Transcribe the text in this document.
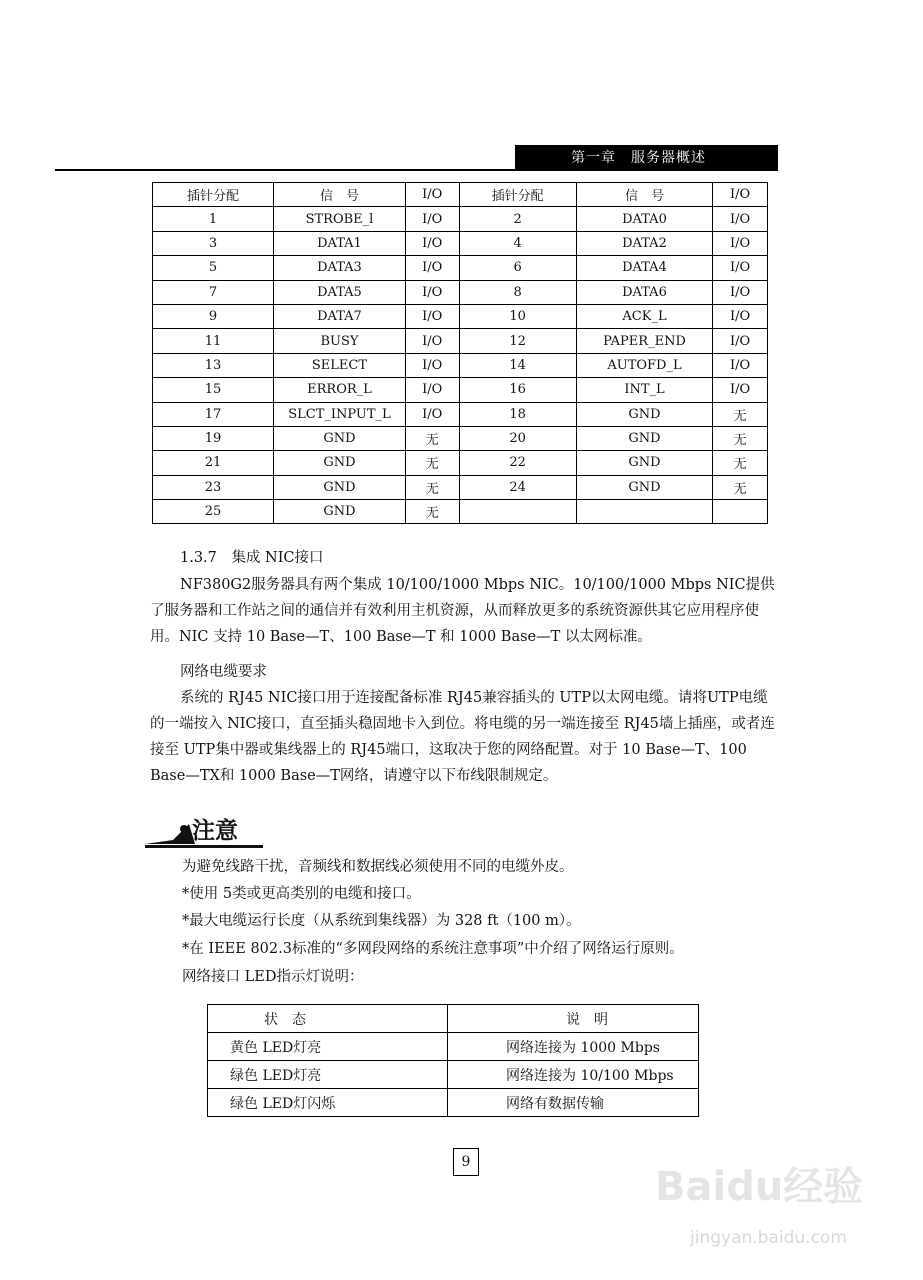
第一章　服务器概述
插针分配	信　号	I/O	插针分配	信　号	I/O
1	STROBE_l	I/O	2	DATA0	I/O
3	DATA1	I/O	4	DATA2	I/O
5	DATA3	I/O	6	DATA4	I/O
7	DATA5	I/O	8	DATA6	I/O
9	DATA7	I/O	10	ACK_L	I/O
11	BUSY	I/O	12	PAPER_END	I/O
13	SELECT	I/O	14	AUTOFD_L	I/O
15	ERROR_L	I/O	16	INT_L	I/O
17	SLCT_INPUT_L	I/O	18	GND	无
19	GND	无	20	GND	无
21	GND	无	22	GND	无
23	GND	无	24	GND	无
25	GND	无			
1.3.7　集成 NIC接口
NF380G2服务器具有两个集成 10/100/1000 Mbps NIC。10/100/1000 Mbps NIC提供了服务器和工作站之间的通信并有效利用主机资源，从而释放更多的系统资源供其它应用程序使用。NIC 支持 10 Base—T、100 Base—T 和 1000 Base—T 以太网标准。
网络电缆要求
系统的 RJ45 NIC接口用于连接配备标准 RJ45兼容插头的 UTP以太网电缆。请将UTP电缆的一端按入 NIC接口，直至插头稳固地卡入到位。将电缆的另一端连接至 RJ45墙上插座，或者连接至 UTP集中器或集线器上的 RJ45端口，这取决于您的网络配置。对于 10 Base—T、100 Base—TX和 1000 Base—T网络，请遵守以下布线限制规定。
注意
为避免线路干扰，音频线和数据线必须使用不同的电缆外皮。
*使用 5类或更高类别的电缆和接口。
*最大电缆运行长度（从系统到集线器）为 328 ft（100 m）。
*在 IEEE 802.3标准的“多网段网络的系统注意事项”中介绍了网络运行原则。
网络接口 LED指示灯说明：
状　态	说　明
黄色 LED灯亮	网络连接为 1000 Mbps
绿色 LED灯亮	网络连接为 10/100 Mbps
绿色 LED灯闪烁	网络有数据传输
9
Baidu经验
jingyan.baidu.com
